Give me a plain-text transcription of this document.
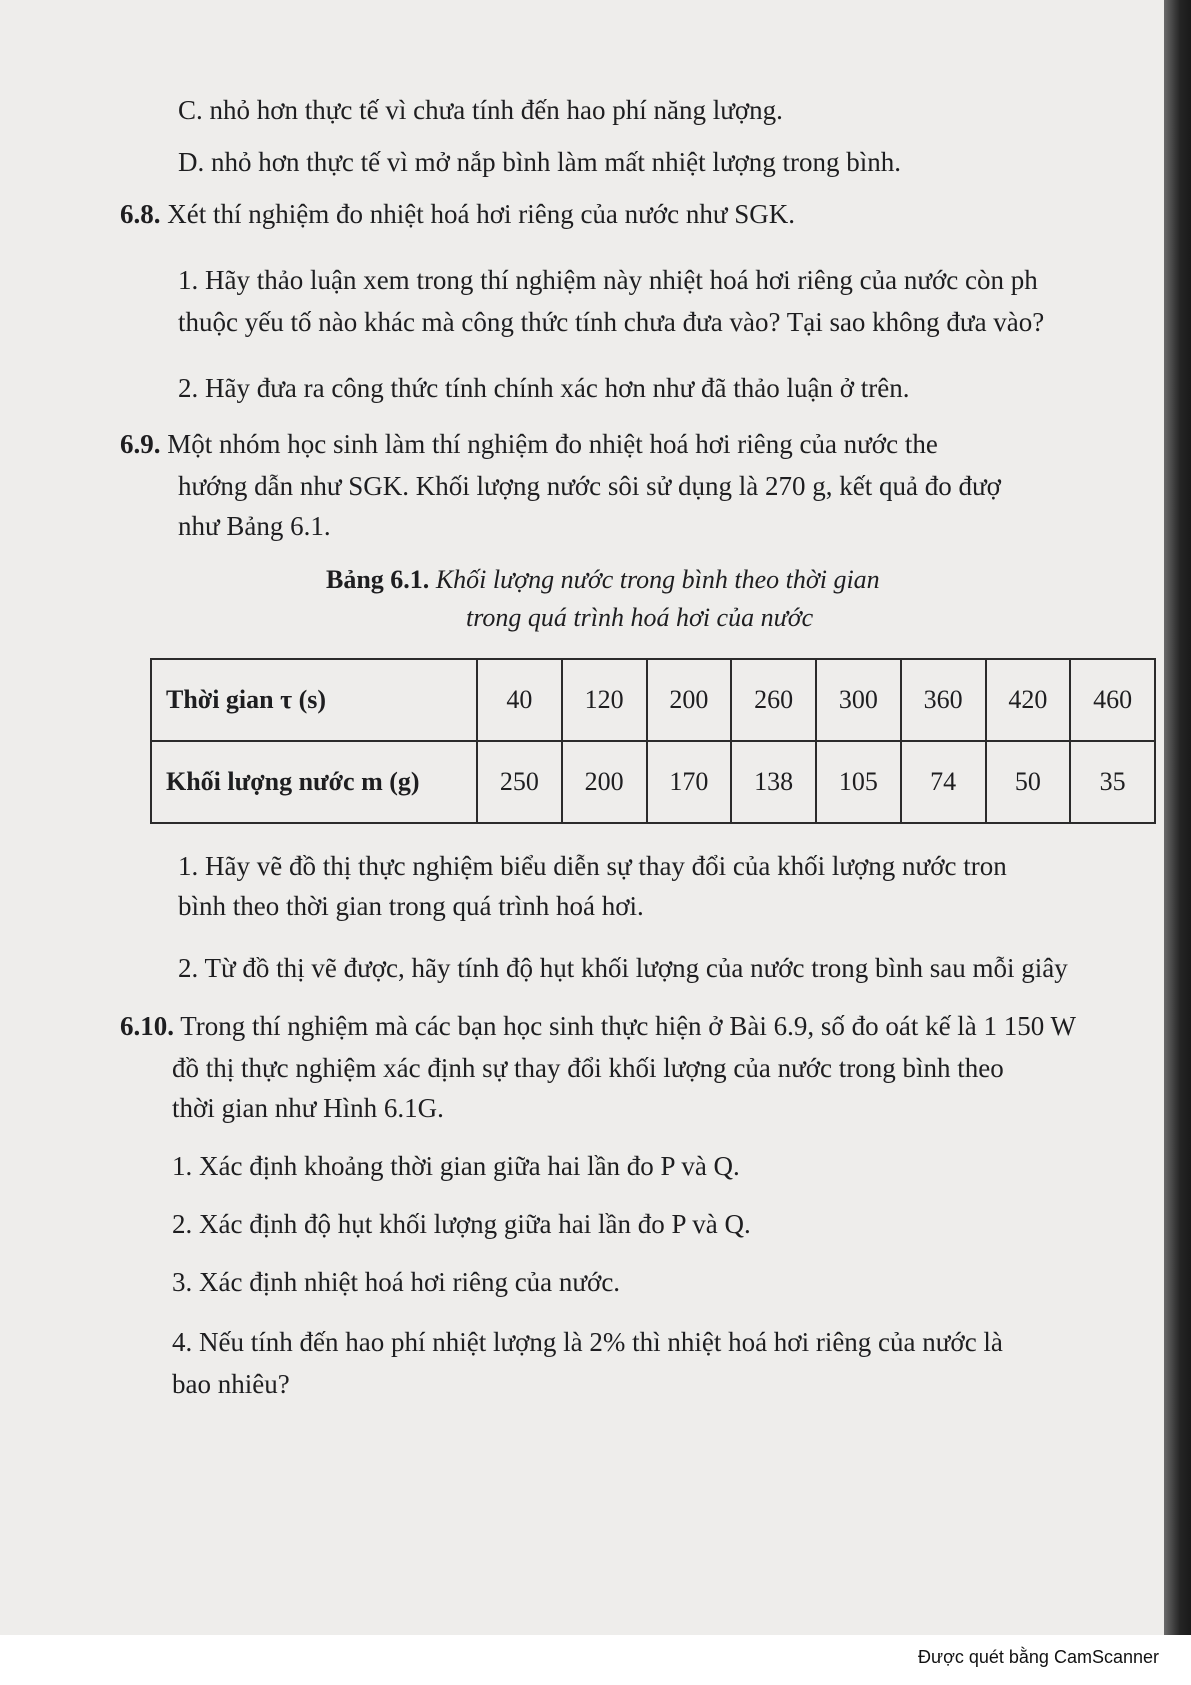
C. nhỏ hơn thực tế vì chưa tính đến hao phí năng lượng.
D. nhỏ hơn thực tế vì mở nắp bình làm mất nhiệt lượng trong bình.
6.8. Xét thí nghiệm đo nhiệt hoá hơi riêng của nước như SGK.
1. Hãy thảo luận xem trong thí nghiệm này nhiệt hoá hơi riêng của nước còn ph
thuộc yếu tố nào khác mà công thức tính chưa đưa vào? Tại sao không đưa vào?
2. Hãy đưa ra công thức tính chính xác hơn như đã thảo luận ở trên.
6.9. Một nhóm học sinh làm thí nghiệm đo nhiệt hoá hơi riêng của nước the
hướng dẫn như SGK. Khối lượng nước sôi sử dụng là 270 g, kết quả đo đượ
như Bảng 6.1.
Bảng 6.1. Khối lượng nước trong bình theo thời gian
trong quá trình hoá hơi của nước
Thời gian τ (s)	40	120	200	260	300	360	420	460
Khối lượng nước m (g)	250	200	170	138	105	74	50	35
1. Hãy vẽ đồ thị thực nghiệm biểu diễn sự thay đổi của khối lượng nước tron
bình theo thời gian trong quá trình hoá hơi.
2. Từ đồ thị vẽ được, hãy tính độ hụt khối lượng của nước trong bình sau mỗi giây
6.10. Trong thí nghiệm mà các bạn học sinh thực hiện ở Bài 6.9, số đo oát kế là 1 150 W
đồ thị thực nghiệm xác định sự thay đổi khối lượng của nước trong bình theo
thời gian như Hình 6.1G.
1. Xác định khoảng thời gian giữa hai lần đo P và Q.
2. Xác định độ hụt khối lượng giữa hai lần đo P và Q.
3. Xác định nhiệt hoá hơi riêng của nước.
4. Nếu tính đến hao phí nhiệt lượng là 2% thì nhiệt hoá hơi riêng của nước là
bao nhiêu?
Được quét bằng CamScanner
